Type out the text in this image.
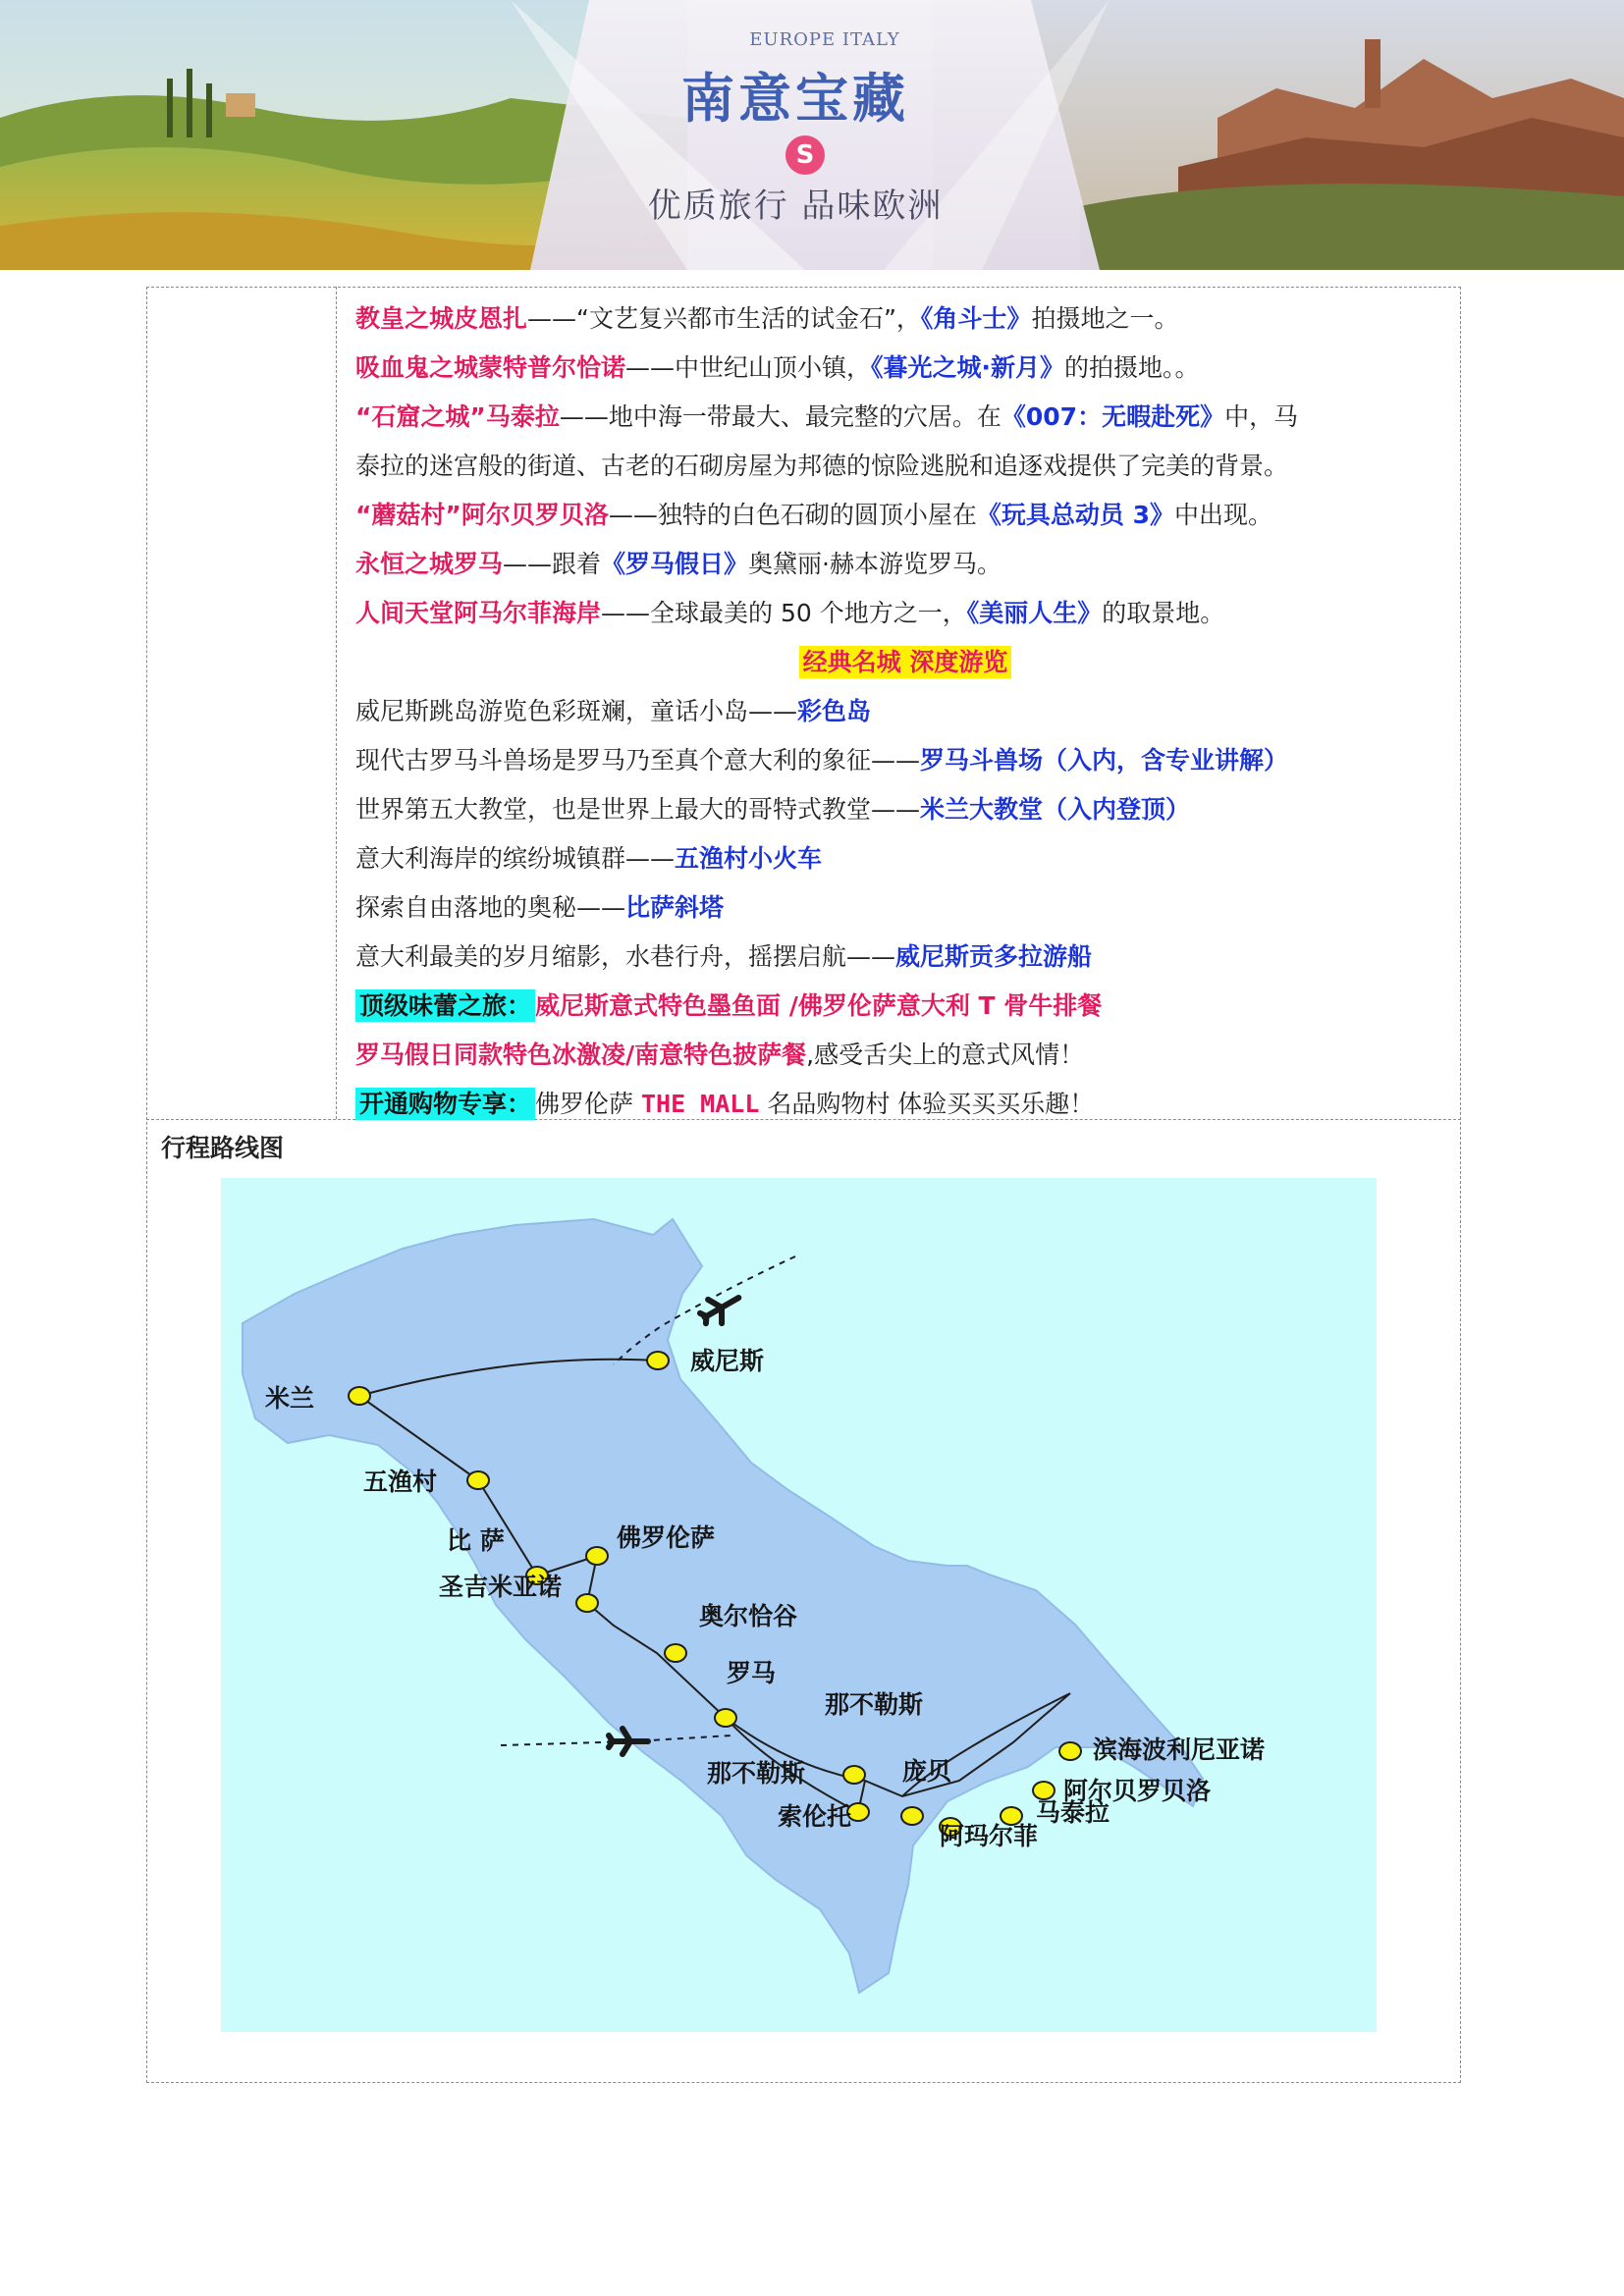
EUROPE ITALY
南意宝藏
S
优质旅行 品味欧洲
教皇之城皮恩扎——“文艺复兴都市生活的试金石”，《角斗士》拍摄地之一。
吸血鬼之城蒙特普尔恰诺——中世纪山顶小镇，《暮光之城·新月》的拍摄地。。
“石窟之城”马泰拉——地中海一带最大、最完整的穴居。在《007：无暇赴死》中，马
泰拉的迷宫般的街道、古老的石砌房屋为邦德的惊险逃脱和追逐戏提供了完美的背景。
“蘑菇村”阿尔贝罗贝洛——独特的白色石砌的圆顶小屋在《玩具总动员 3》中出现。
永恒之城罗马——跟着《罗马假日》奥黛丽·赫本游览罗马。
人间天堂阿马尔菲海岸——全球最美的 50 个地方之一，《美丽人生》的取景地。
经典名城 深度游览
威尼斯跳岛游览色彩斑斓，童话小岛——彩色岛
现代古罗马斗兽场是罗马乃至真个意大利的象征——罗马斗兽场（入内，含专业讲解）
世界第五大教堂，也是世界上最大的哥特式教堂——米兰大教堂（入内登顶）
意大利海岸的缤纷城镇群——五渔村小火车
探索自由落地的奥秘——比萨斜塔
意大利最美的岁月缩影，水巷行舟，摇摆启航——威尼斯贡多拉游船
顶级味蕾之旅： 威尼斯意式特色墨鱼面 /佛罗伦萨意大利 T 骨牛排餐
罗马假日同款特色冰激凌/南意特色披萨餐,感受舌尖上的意式风情！
开通购物专享： 佛罗伦萨 THE MALL 名品购物村 体验买买买乐趣！
行程路线图
米兰
威尼斯
五渔村
比 萨	佛罗伦萨
圣吉米亚诺
奥尔恰谷
罗马
那不勒斯
那不勒斯	庞贝
索伦托
阿玛尔菲
马泰拉
阿尔贝罗贝洛
滨海波利尼亚诺
